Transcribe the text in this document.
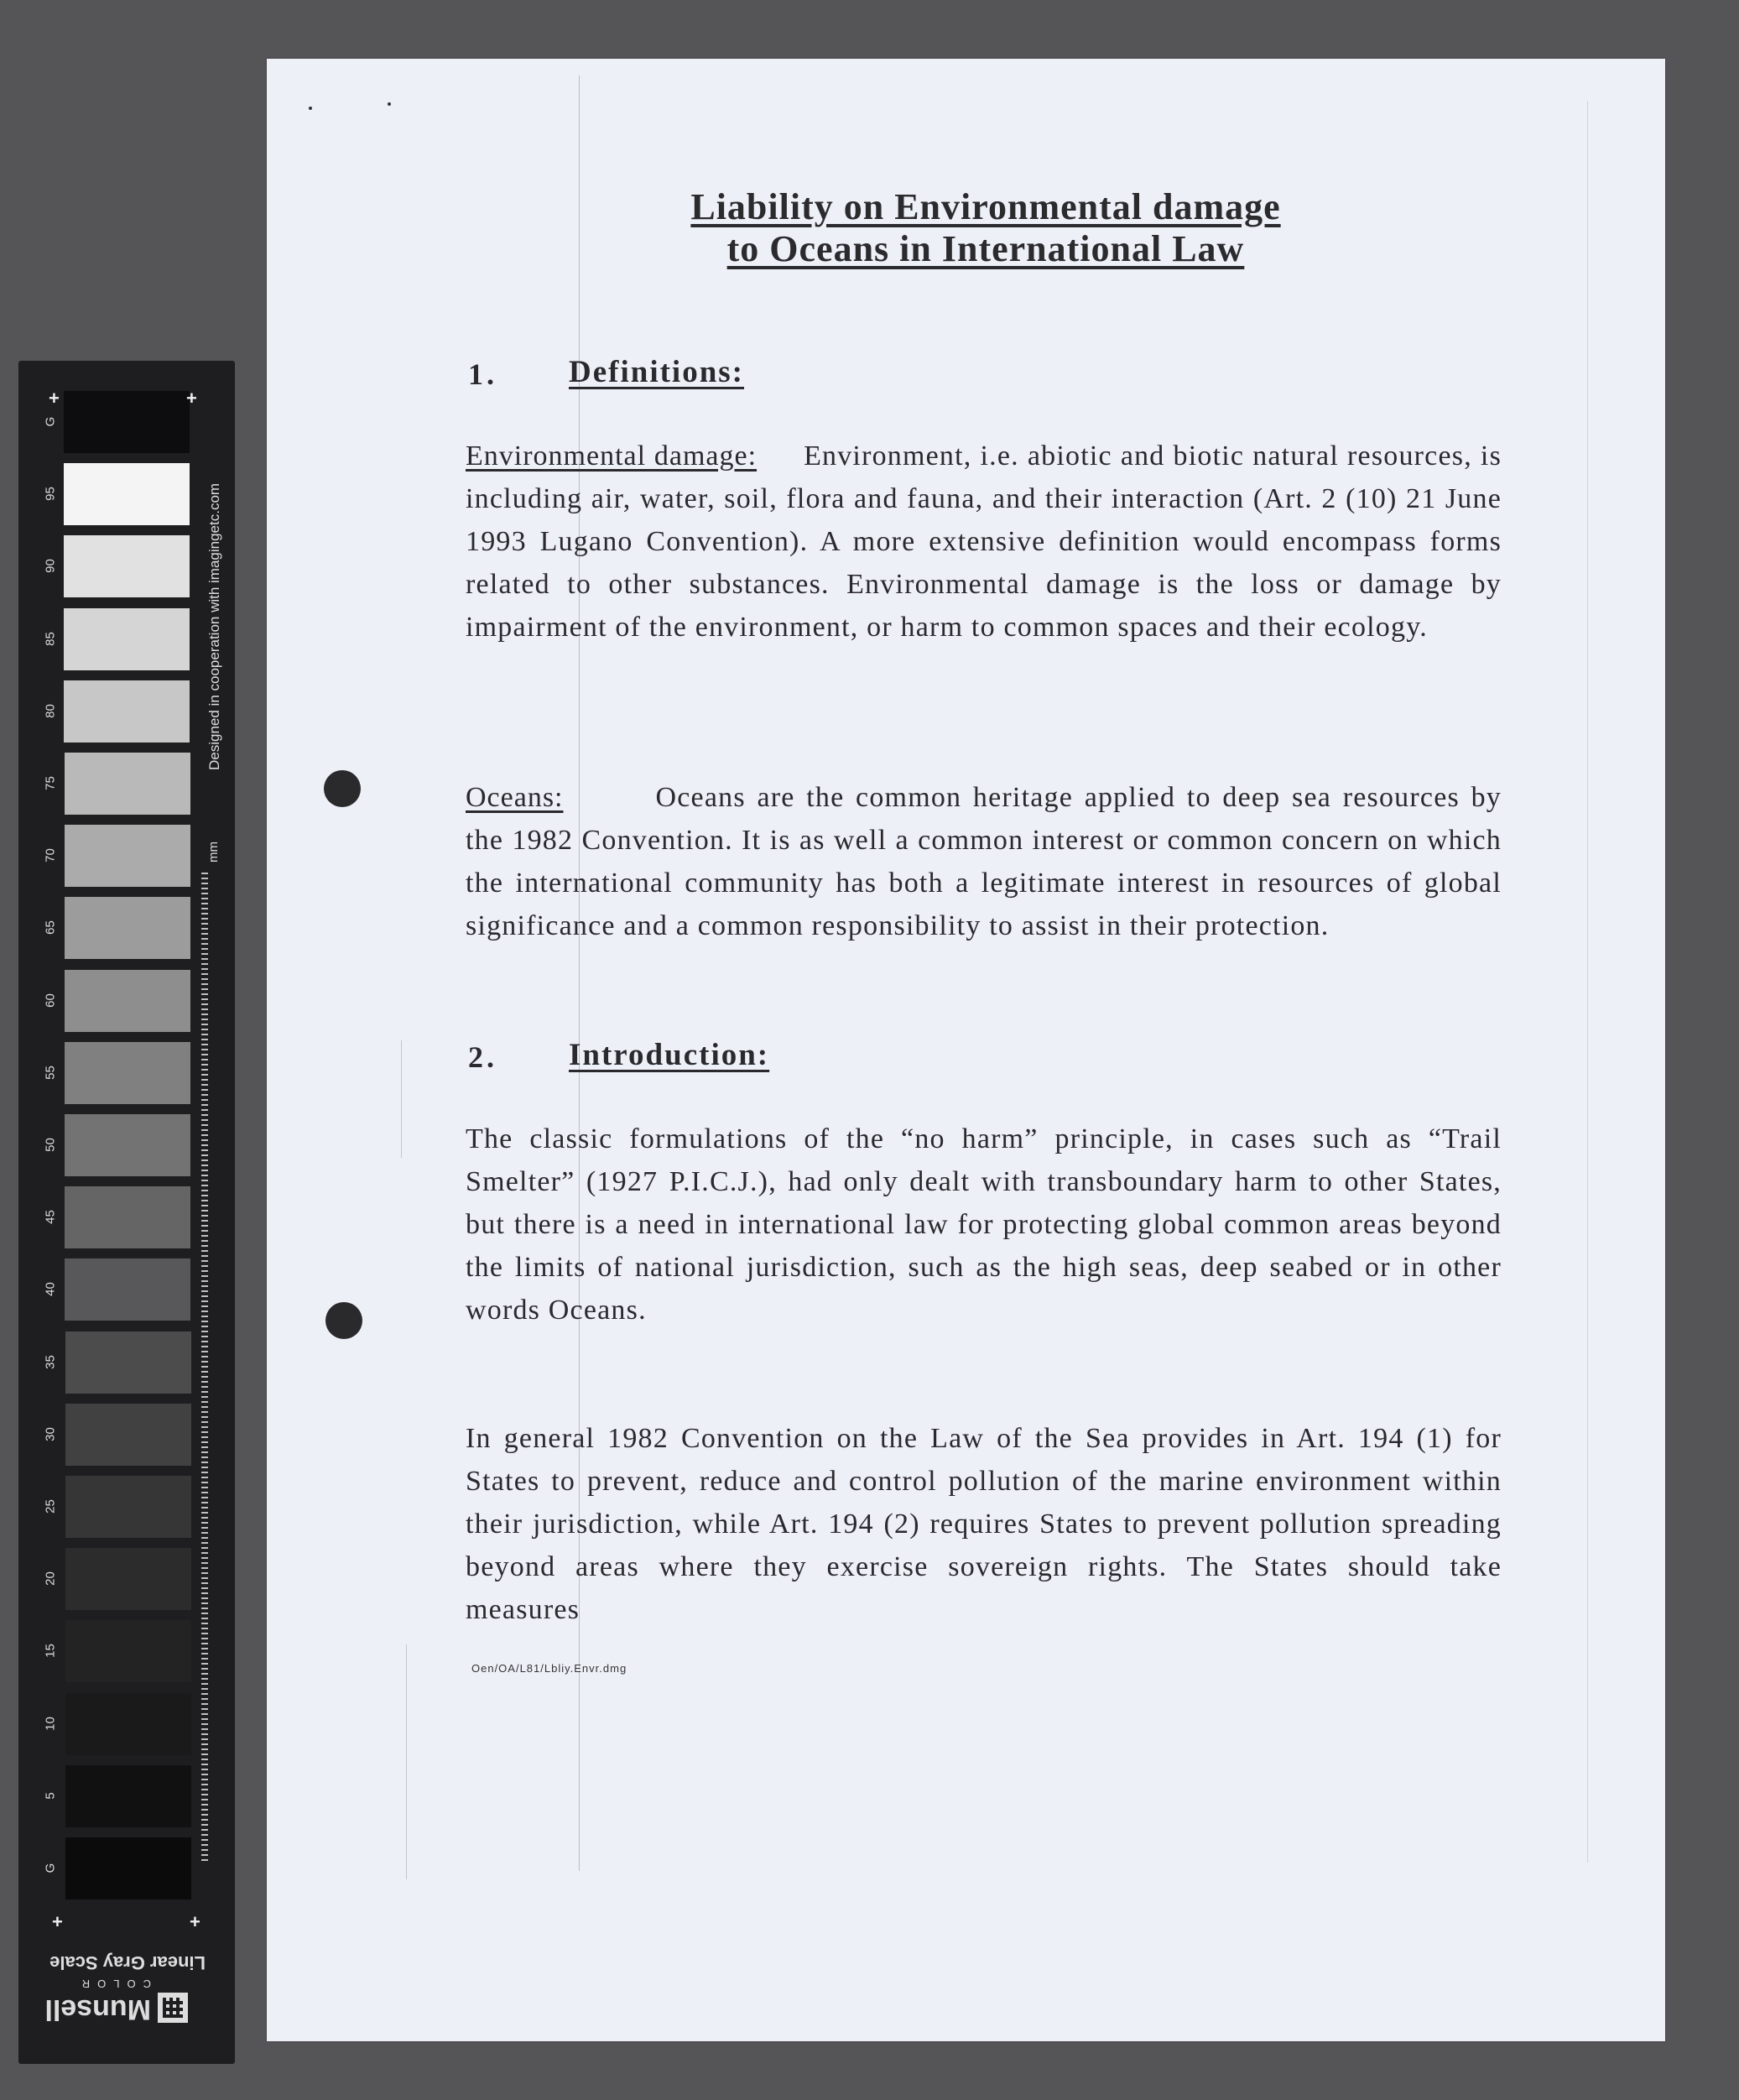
Liability on Environmental damage
to Oceans in International Law
1. Definitions:
Environmental damage: Environment, i.e. abiotic and biotic natural resources, is including air, water, soil, flora and fauna, and their interaction (Art. 2 (10) 21 June 1993 Lugano Convention). A more extensive definition would encompass forms related to other substances. Environmental damage is the loss or damage by impairment of the environment, or harm to common spaces and their ecology.
Oceans:	Oceans are the common heritage applied to deep sea resources by the 1982 Convention. It is as well a common interest or common concern on which the international community has both a legitimate interest in resources of global significance and a common responsibility to assist in their protection.
2. Introduction:
The classic formulations of the “no harm” principle, in cases such as “Trail Smelter” (1927 P.I.C.J.), had only dealt with transboundary harm to other States, but there is a need in international law for protecting global common areas beyond the limits of national jurisdiction, such as the high seas, deep seabed or in other words Oceans.
In general 1982 Convention on the Law of the Sea provides in Art. 194 (1) for States to prevent, reduce and control pollution of the marine environment within their jurisdiction, while Art. 194 (2) requires States to prevent pollution spreading beyond areas where they exercise sovereign rights. The States should take measures
Oen/OA/L81/Lbliy.Envr.dmg
G
95
90
85
80
75
70
65
60
55
50
45
40
35
30
25
20
15
10
5
G
+	+
+	+
Designed in cooperation with imagingetc.com
mm
Linear Gray Scale
Munsell
COLOR
